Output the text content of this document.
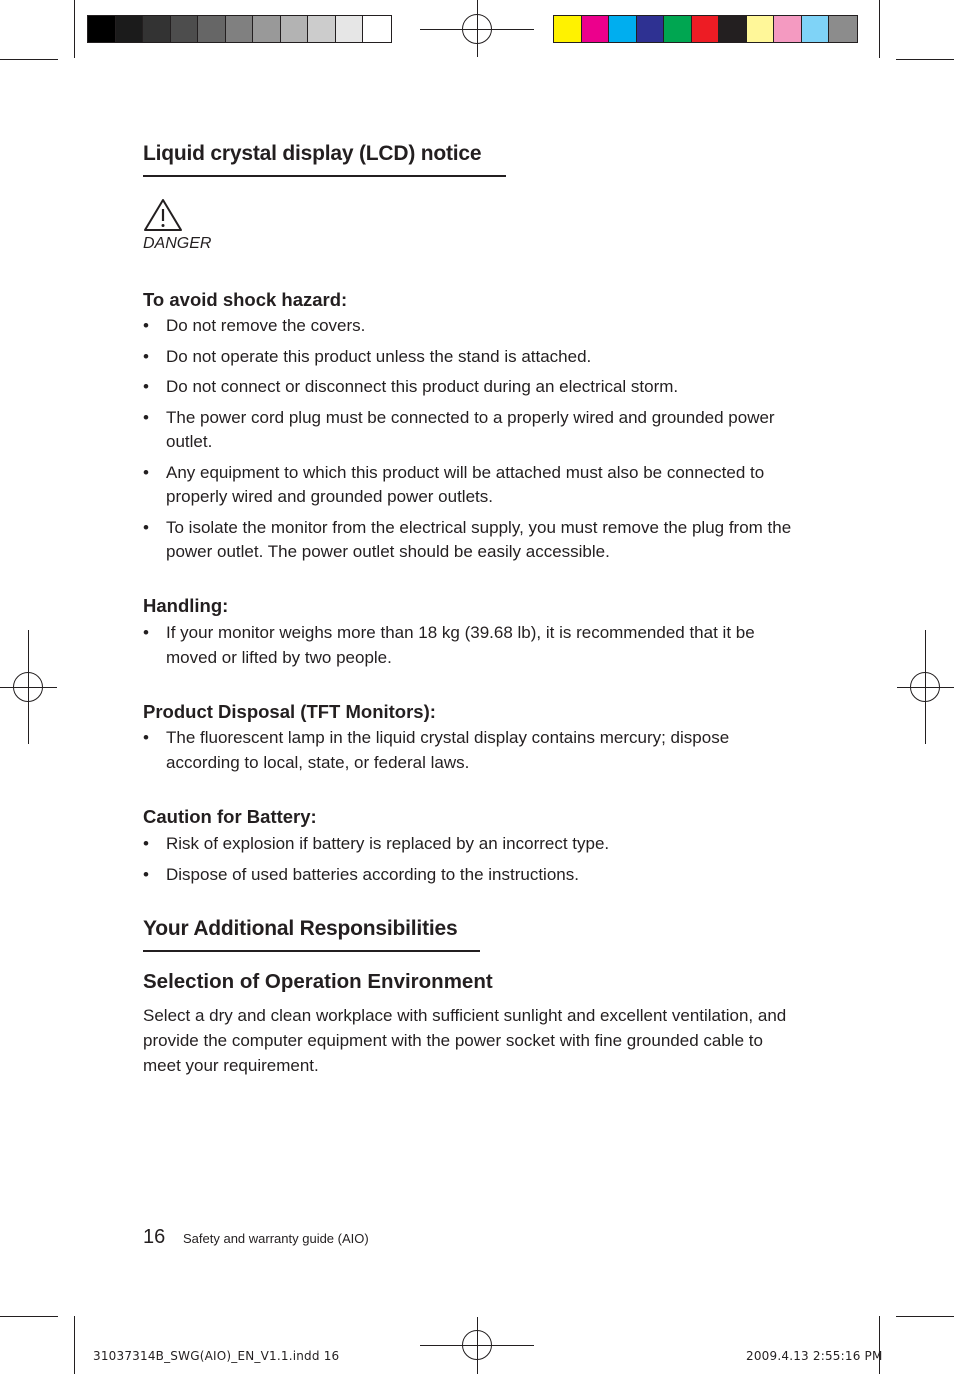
Liquid crystal display (LCD) notice
DANGER
To avoid shock hazard:
• Do not remove the covers.
• Do not operate this product unless the stand is attached.
• Do not connect or disconnect this product during an electrical storm.
• The power cord plug must be connected to a properly wired and grounded power outlet.
• Any equipment to which this product will be attached must also be connected to properly wired and grounded power outlets.
• To isolate the monitor from the electrical supply, you must remove the plug from the power outlet. The power outlet should be easily accessible.
Handling:
• If your monitor weighs more than 18 kg (39.68 lb), it is recommended that it be moved or lifted by two people.
Product Disposal (TFT Monitors):
• The fluorescent lamp in the liquid crystal display contains mercury; dispose according to local, state, or federal laws.
Caution for Battery:
• Risk of explosion if battery is replaced by an incorrect type.
• Dispose of used batteries according to the instructions.
Your Additional Responsibilities
Selection of Operation Environment

Select a dry and clean workplace with sufficient sunlight and excellent ventilation, and provide the computer equipment with the power socket with fine grounded cable to meet your requirement.

16 Safety and warranty guide (AIO)
31037314B_SWG(AIO)_EN_V1.1.indd 16	2009.4.13 2:55:16 PM
